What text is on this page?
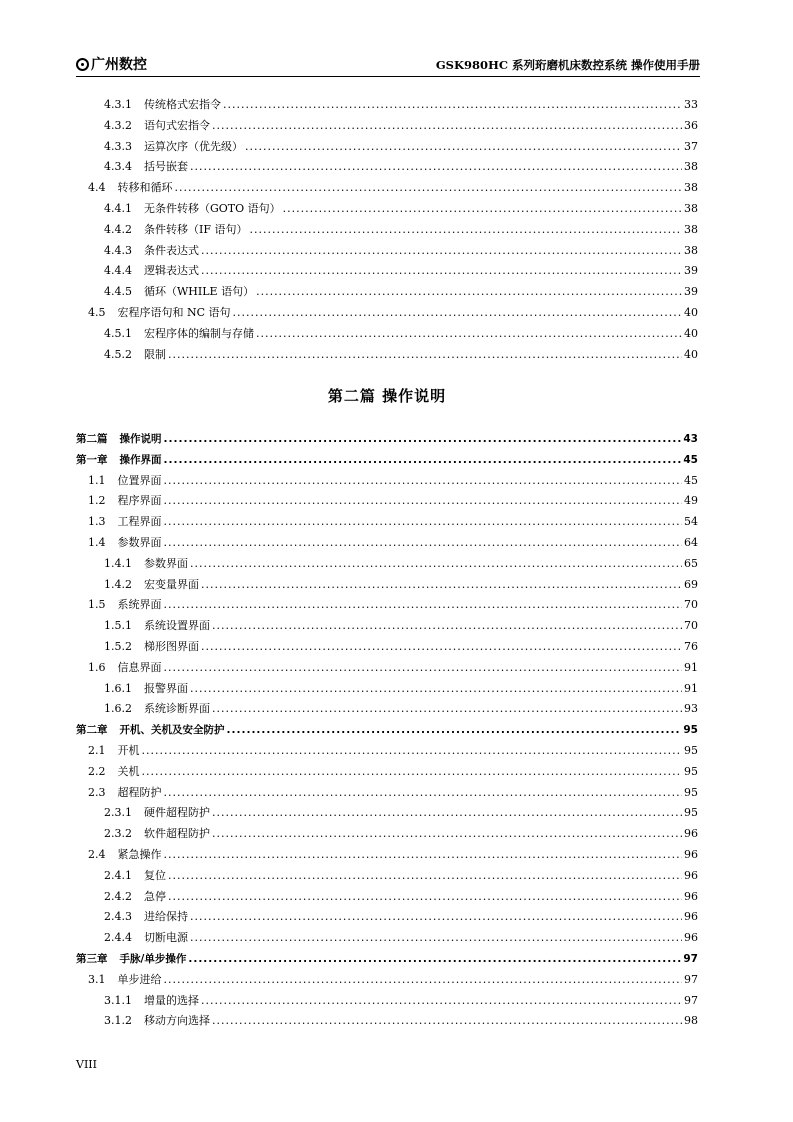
广州数控	GSK980HC 系列珩磨机床数控系统 操作使用手册
第二篇 操作说明
VIII
4.3.1 传统格式宏指令 .....	33
4.3.2 语句式宏指令 .....	36
4.3.3 运算次序（优先级） .....	37
4.3.4 括号嵌套 .....	38
4.4 转移和循环 .....	38
4.4.1 无条件转移（GOTO 语句） .....	38
4.4.2 条件转移（IF 语句） .....	38
4.4.3 条件表达式 .....	38
4.4.4 逻辑表达式 .....	39
4.4.5 循环（WHILE 语句） .....	39
4.5 宏程序语句和 NC 语句 .....	40
4.5.1 宏程序体的编制与存储 .....	40
4.5.2 限制 .....	40
第二篇 操作说明 .....	43
第一章 操作界面 .....	45
1.1 位置界面 .....	45
1.2 程序界面 .....	49
1.3 工程界面 .....	54
1.4 参数界面 .....	64
1.4.1 参数界面 .....	65
1.4.2 宏变量界面 .....	69
1.5 系统界面 .....	70
1.5.1 系统设置界面 .....	70
1.5.2 梯形图界面 .....	76
1.6 信息界面 .....	91
1.6.1 报警界面 .....	91
1.6.2 系统诊断界面 .....	93
第二章 开机、关机及安全防护 .....	95
2.1 开机 .....	95
2.2 关机 .....	95
2.3 超程防护 .....	95
2.3.1 硬件超程防护 .....	95
2.3.2 软件超程防护 .....	96
2.4 紧急操作 .....	96
2.4.1 复位 .....	96
2.4.2 急停 .....	96
2.4.3 进给保持 .....	96
2.4.4 切断电源 .....	96
第三章 手脉/单步操作 .....	97
3.1 单步进给 .....	97
3.1.1 增量的选择 .....	97
3.1.2 移动方向选择 .....	98
